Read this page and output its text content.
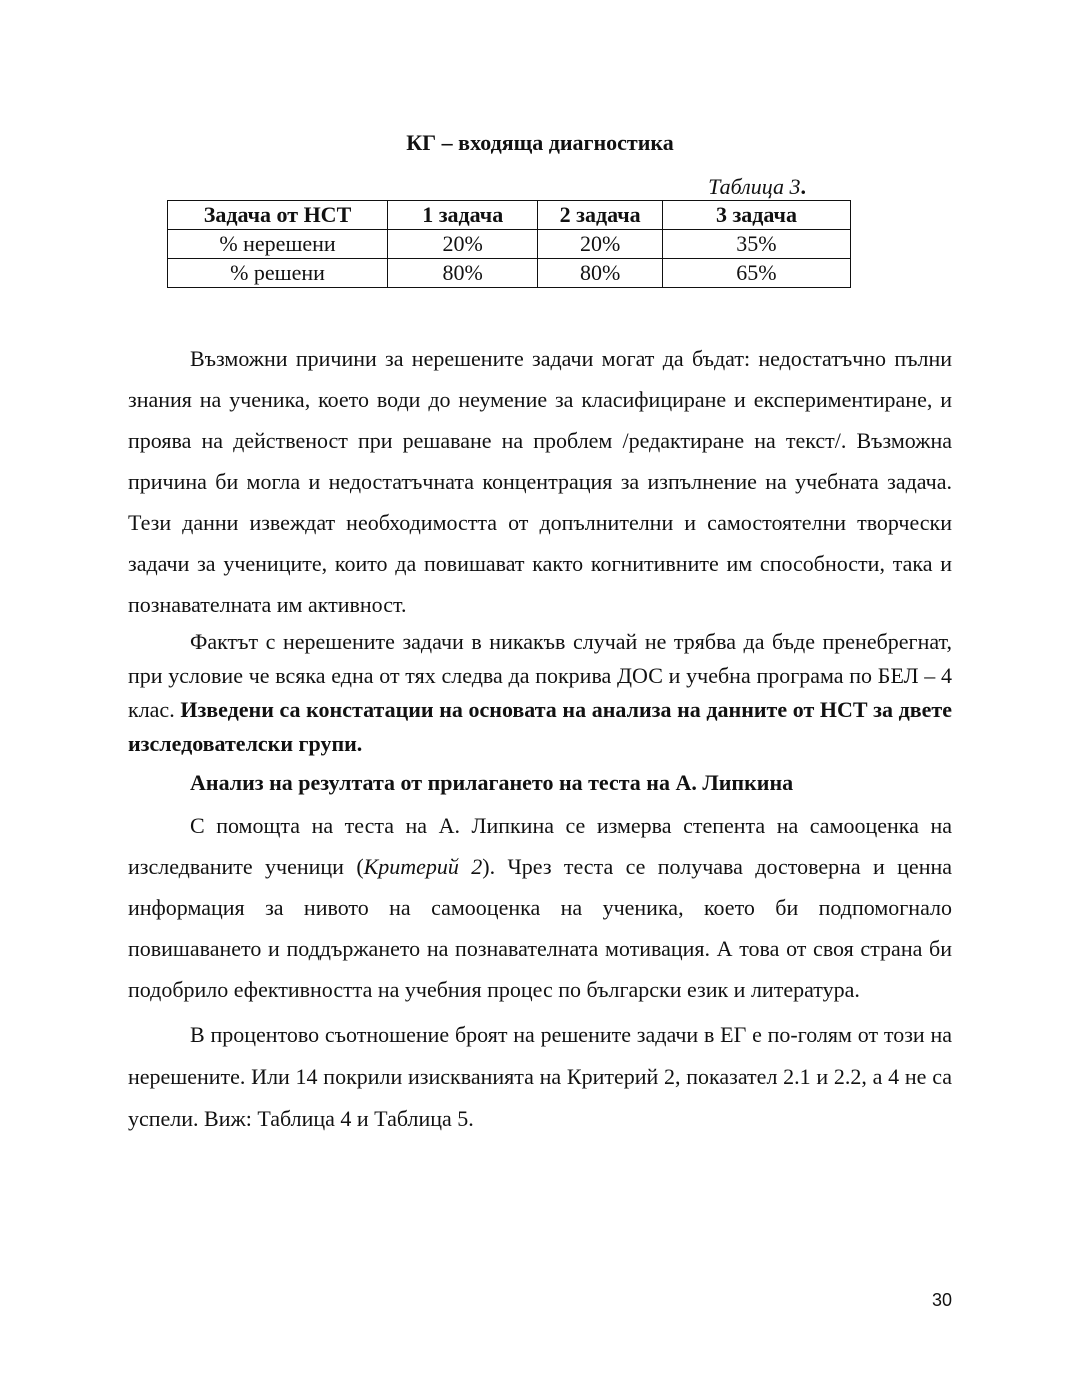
КГ – входяща диагностика
Таблица 3.
Задача от НСТ	1 задача	2 задача	3 задача
% нерешени	20%	20%	35%
% решени	80%	80%	65%

Възможни причини за нерешените задачи могат да бъдат: недостатъчно пълни знания на ученика, което води до неумение за класифициране и експериментиране, и проява на действеност при решаване на проблем /редактиране на текст/. Възможна причина би могла и недостатъчната концентрация за изпълнение на учебната задача. Тези данни извеждат необходимостта от допълнителни и самостоятелни творчески задачи за учениците, които да повишават както когнитивните им способности, така и познавателната им активност.

Фактът с нерешените задачи в никакъв случай не трябва да бъде пренебрегнат, при условие че всяка една от тях следва да покрива ДОС и учебна програма по БЕЛ – 4 клас. Изведени са констатации на основата на анализа на данните от НСТ за двете изследователски групи.

Анализ на резултата от прилагането на теста на А. Липкина

С помощта на теста на А. Липкина се измерва степента на самооценка на изследваните ученици (Критерий 2). Чрез теста се получава достоверна и ценна информация за нивото на самооценка на ученика, което би подпомогнало повишаването и поддържането на познавателната мотивация. А това от своя страна би подобрило ефективността на учебния процес по български език и литература.

В процентово съотношение броят на решените задачи в ЕГ е по-голям от този на нерешените. Или 14 покрили изискванията на Критерий 2, показател 2.1 и 2.2, а 4 не са успели. Виж: Таблица 4 и Таблица 5.

30
